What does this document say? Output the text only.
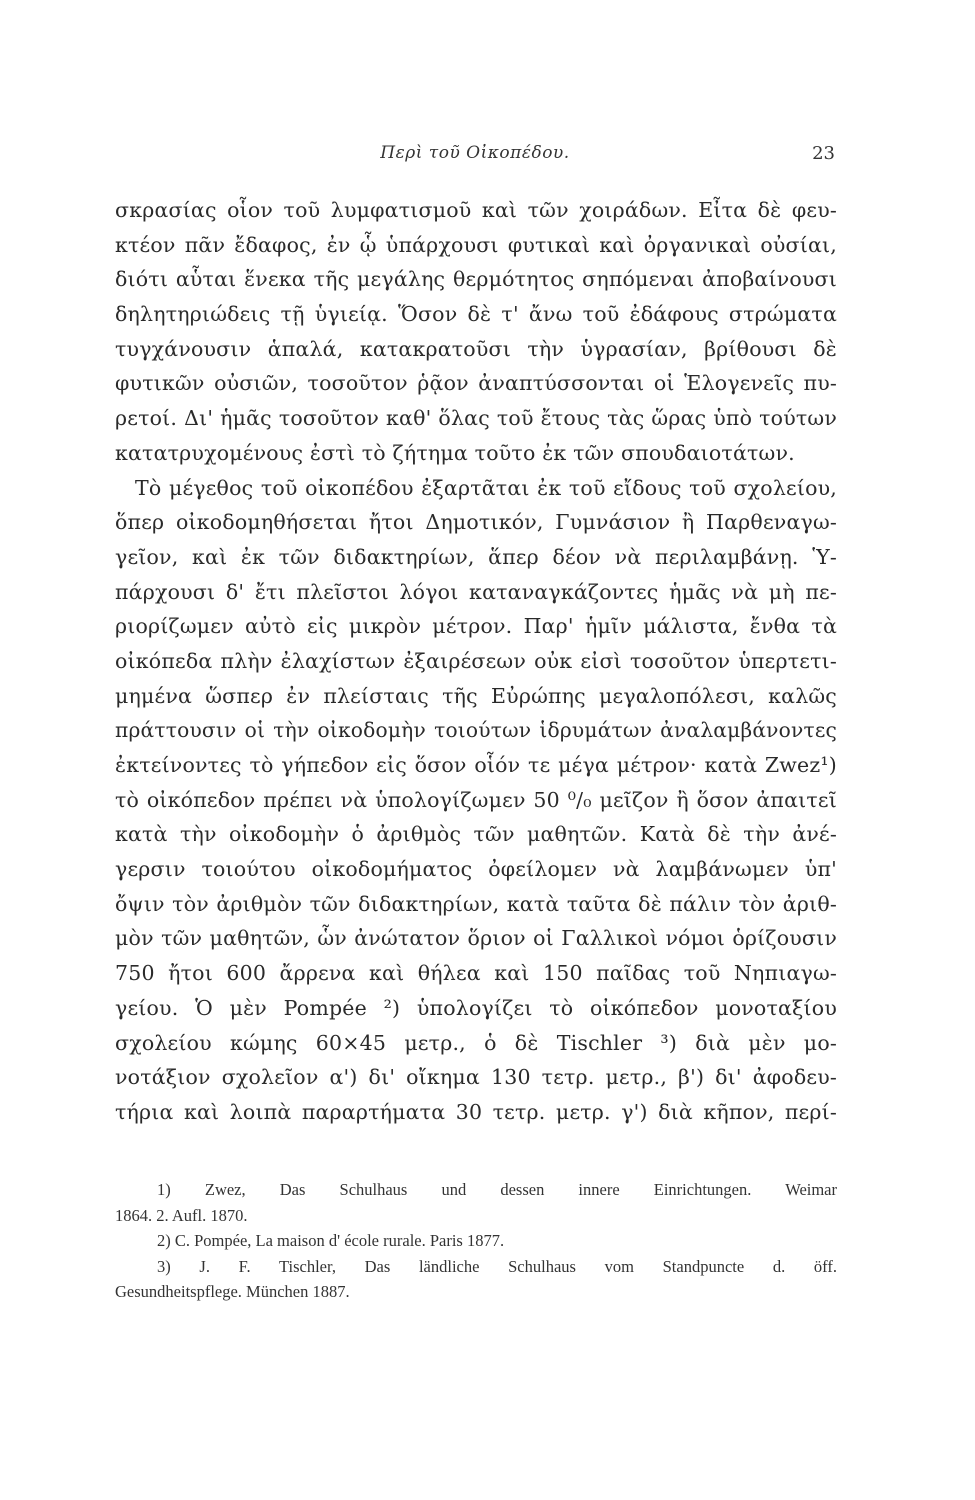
Περὶ τοῦ Οἰκοπέδου.	23
σκρασίας οἷον τοῦ λυμφατισμοῦ καὶ τῶν χοιράδων. Εἶτα δὲ φευ-
κτέον πᾶν ἔδαφος, ἐν ᾧ ὑπάρχουσι φυτικαὶ καὶ ὀργανικαὶ οὐσίαι,
διότι αὗται ἕνεκα τῆς μεγάλης θερμότητος σηπόμεναι ἀποβαίνουσι
δηλητηριώδεις τῇ ὑγιείᾳ. Ὅσον δὲ τ' ἄνω τοῦ ἐδάφους στρώματα
τυγχάνουσιν ἁπαλά, κατακρατοῦσι τὴν ὑγρασίαν, βρίθουσι δὲ
φυτικῶν οὐσιῶν, τοσοῦτον ῥᾷον ἀναπτύσσονται οἱ Ἑλογενεῖς πυ-
ρετοί. Δι' ἡμᾶς τοσοῦτον καθ' ὅλας τοῦ ἔτους τὰς ὥρας ὑπὸ τούτων
κατατρυχομένους ἐστὶ τὸ ζήτημα τοῦτο ἐκ τῶν σπουδαιοτάτων.
Τὸ μέγεθος τοῦ οἰκοπέδου ἐξαρτᾶται ἐκ τοῦ εἴδους τοῦ σχολείου,
ὅπερ οἰκοδομηθήσεται ἤτοι Δημοτικόν, Γυμνάσιον ἢ Παρθεναγω-
γεῖον, καὶ ἐκ τῶν διδακτηρίων, ἅπερ δέον νὰ περιλαμβάνῃ. Ὑ-
πάρχουσι δ' ἔτι πλεῖστοι λόγοι καταναγκάζοντες ἡμᾶς νὰ μὴ πε-
ριορίζωμεν αὐτὸ εἰς μικρὸν μέτρον. Παρ' ἡμῖν μάλιστα, ἔνθα τὰ
οἰκόπεδα πλὴν ἐλαχίστων ἐξαιρέσεων οὐκ εἰσὶ τοσοῦτον ὑπερτετι-
μημένα ὥσπερ ἐν πλείσταις τῆς Εὐρώπης μεγαλοπόλεσι, καλῶς
πράττουσιν οἱ τὴν οἰκοδομὴν τοιούτων ἱδρυμάτων ἀναλαμβάνοντες
ἐκτείνοντες τὸ γήπεδον εἰς ὅσον οἷόν τε μέγα μέτρον· κατὰ Zwez¹)
τὸ οἰκόπεδον πρέπει νὰ ὑπολογίζωμεν 50 ⁰/₀ μεῖζον ἢ ὅσον ἀπαιτεῖ
κατὰ τὴν οἰκοδομὴν ὁ ἀριθμὸς τῶν μαθητῶν. Κατὰ δὲ τὴν ἀνέ-
γερσιν τοιούτου οἰκοδομήματος ὀφείλομεν νὰ λαμβάνωμεν ὑπ'
ὄψιν τὸν ἀριθμὸν τῶν διδακτηρίων, κατὰ ταῦτα δὲ πάλιν τὸν ἀριθ-
μὸν τῶν μαθητῶν, ὧν ἀνώτατον ὅριον οἱ Γαλλικοὶ νόμοι ὁρίζουσιν
750 ἤτοι 600 ἄρρενα καὶ θήλεα καὶ 150 παῖδας τοῦ Νηπιαγω-
γείου. Ὁ μὲν Pompée ²) ὑπολογίζει τὸ οἰκόπεδον μονοταξίου
σχολείου κώμης 60×45 μετρ., ὁ δὲ Tischler ³) διὰ μὲν μο-
νοτάξιον σχολεῖον α') δι' οἴκημα 130 τετρ. μετρ., β') δι' ἀφοδευ-
τήρια καὶ λοιπὰ παραρτήματα 30 τετρ. μετρ. γ') διὰ κῆπον, περί-
1) Zwez, Das Schulhaus und dessen innere Einrichtungen. Weimar
1864. 2. Aufl. 1870.
2) C. Pompée, La maison d' école rurale. Paris 1877.
3) J. F. Tischler, Das ländliche Schulhaus vom Standpuncte d. öff.
Gesundheitspflege. München 1887.
